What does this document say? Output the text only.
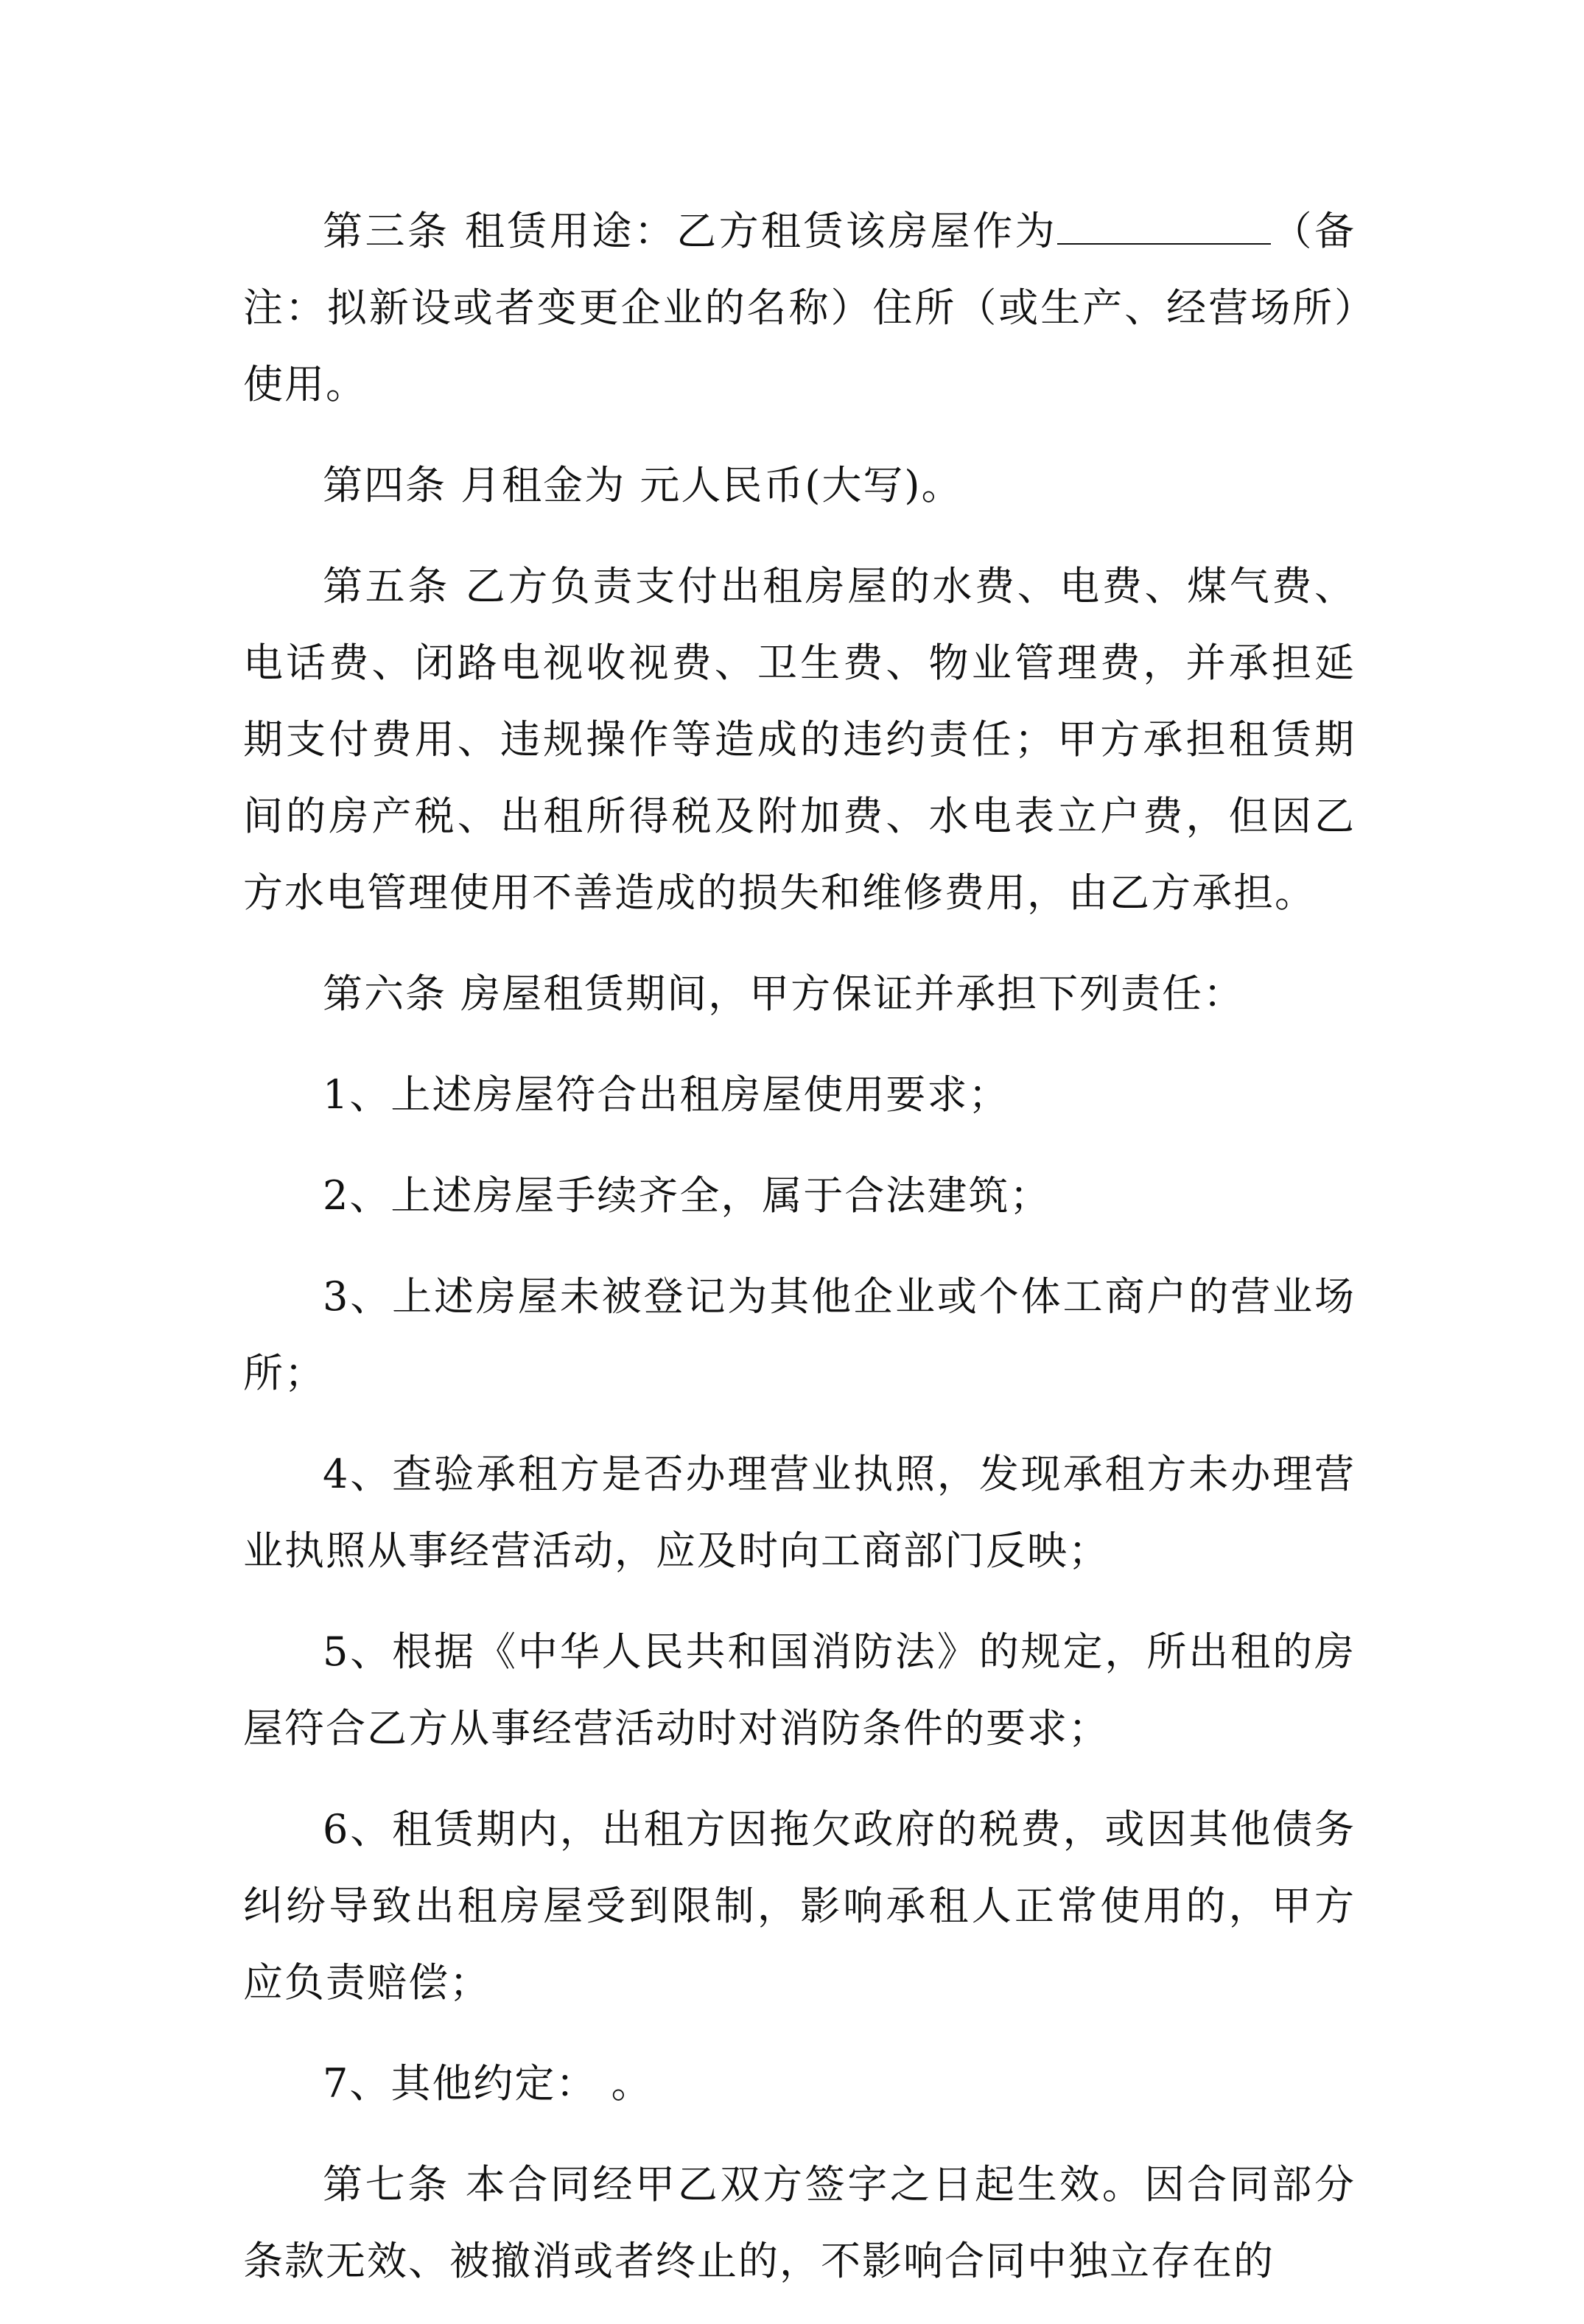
第三条 租赁用途：乙方租赁该房屋作为	（备注：拟新设或者变更企业的名称）住所（或生产、经营场所）使用。

第四条 月租金为 元人民币(大写)。

第五条 乙方负责支付出租房屋的水费、电费、煤气费、电话费、闭路电视收视费、卫生费、物业管理费，并承担延期支付费用、违规操作等造成的违约责任；甲方承担租赁期间的房产税、出租所得税及附加费、水电表立户费，但因乙方水电管理使用不善造成的损失和维修费用，由乙方承担。

第六条 房屋租赁期间，甲方保证并承担下列责任：

1、上述房屋符合出租房屋使用要求；

2、上述房屋手续齐全，属于合法建筑；

3、上述房屋未被登记为其他企业或个体工商户的营业场所；

4、查验承租方是否办理营业执照，发现承租方未办理营业执照从事经营活动，应及时向工商部门反映；

5、根据《中华人民共和国消防法》的规定，所出租的房屋符合乙方从事经营活动时对消防条件的要求；

6、租赁期内，出租方因拖欠政府的税费，或因其他债务纠纷导致出租房屋受到限制，影响承租人正常使用的，甲方应负责赔偿；

7、其他约定： 。

第七条 本合同经甲乙双方签字之日起生效。因合同部分条款无效、被撤消或者终止的，不影响合同中独立存在的
